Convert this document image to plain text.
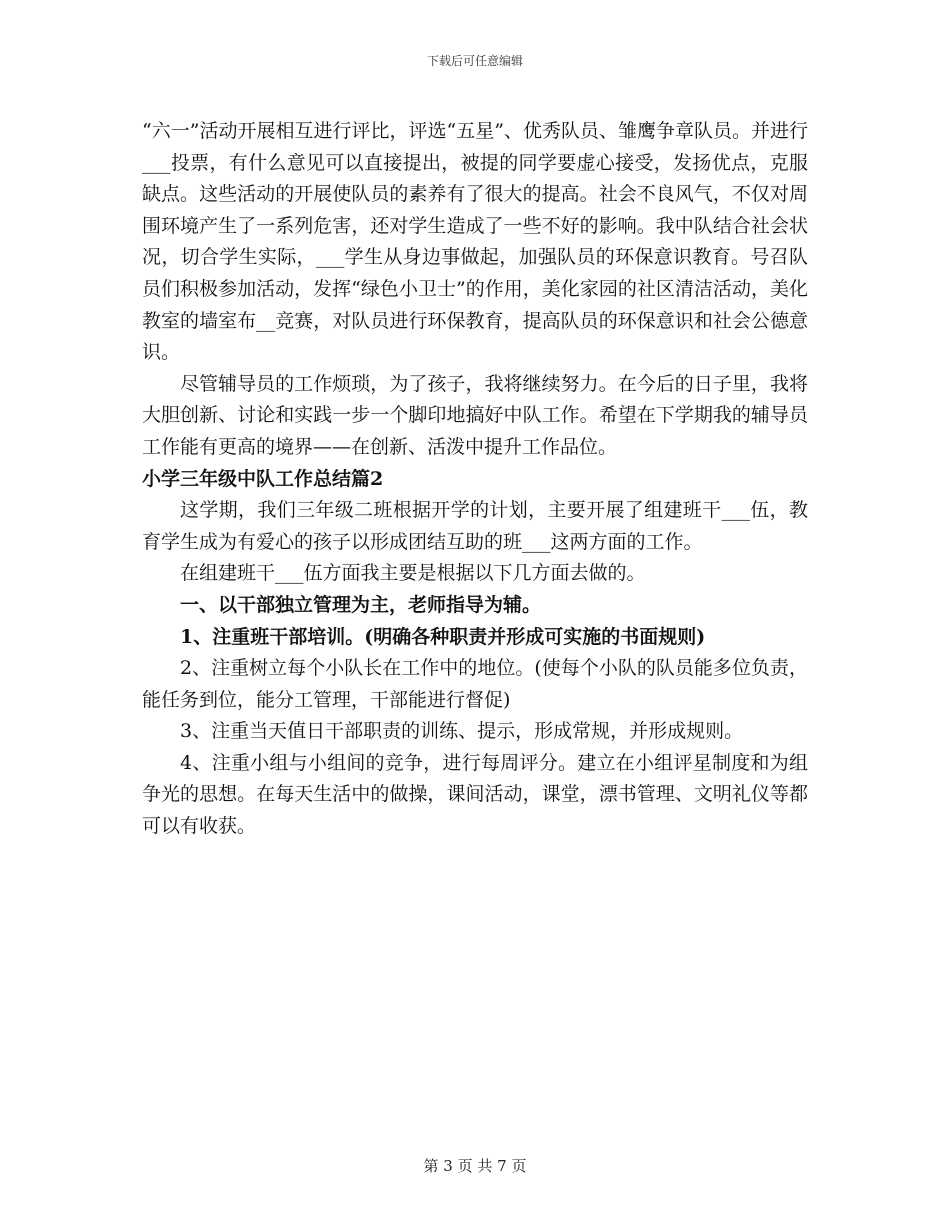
下载后可任意编辑

“六一”活动开展相互进行评比，评选“五星”、优秀队员、雏鹰争章队员。并进行___投票，有什么意见可以直接提出，被提的同学要虚心接受，发扬优点，克服缺点。这些活动的开展使队员的素养有了很大的提高。社会不良风气，不仅对周围环境产生了一系列危害，还对学生造成了一些不好的影响。我中队结合社会状况，切合学生实际，___学生从身边事做起，加强队员的环保意识教育。号召队员们积极参加活动，发挥“绿色小卫士”的作用，美化家园的社区清洁活动，美化教室的墙室布__竞赛，对队员进行环保教育，提高队员的环保意识和社会公德意识。

尽管辅导员的工作烦琐，为了孩子，我将继续努力。在今后的日子里，我将大胆创新、讨论和实践一步一个脚印地搞好中队工作。希望在下学期我的辅导员工作能有更高的境界——在创新、活泼中提升工作品位。

小学三年级中队工作总结篇2

这学期，我们三年级二班根据开学的计划，主要开展了组建班干___伍，教育学生成为有爱心的孩子以形成团结互助的班___这两方面的工作。

在组建班干___伍方面我主要是根据以下几方面去做的。

一、以干部独立管理为主，老师指导为辅。

1、注重班干部培训。(明确各种职责并形成可实施的书面规则)

2、注重树立每个小队长在工作中的地位。(使每个小队的队员能多位负责，能任务到位，能分工管理，干部能进行督促)

3、注重当天值日干部职责的训练、提示，形成常规，并形成规则。

4、注重小组与小组间的竞争，进行每周评分。建立在小组评星制度和为组争光的思想。在每天生活中的做操，课间活动，课堂，漂书管理、文明礼仪等都可以有收获。

第 3 页 共 7 页
